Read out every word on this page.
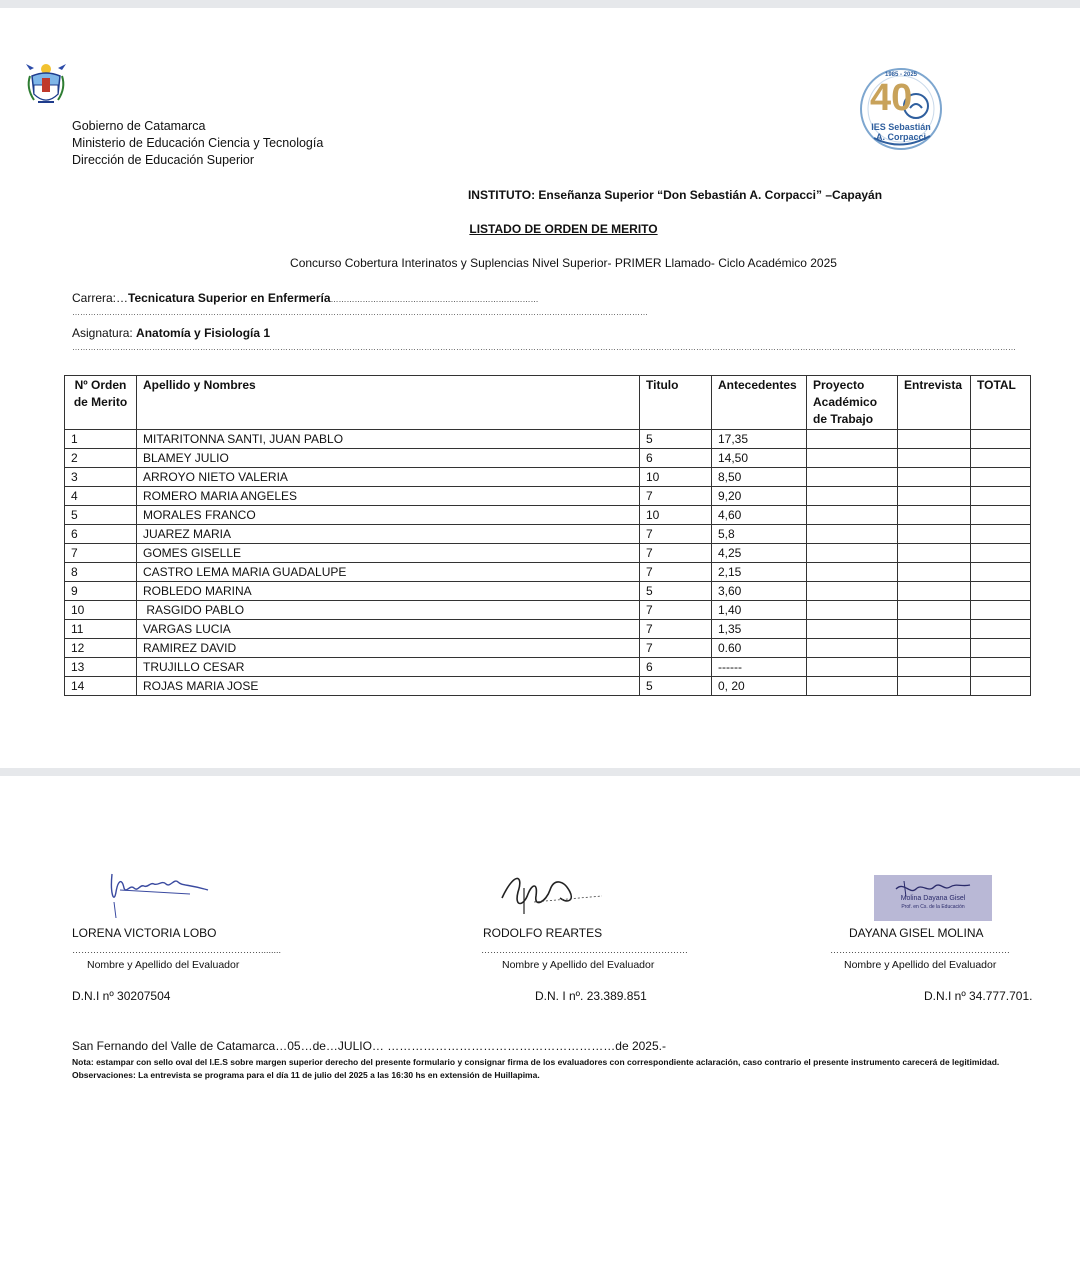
Gobierno de Catamarca
Ministerio de Educación Ciencia y Tecnología
Dirección de Educación Superior
1985 - 2025
40
IES Sebastián
A. Corpacci
INSTITUTO: Enseñanza Superior “Don Sebastián A. Corpacci” –Capayán
LISTADO DE ORDEN DE MERITO
Concurso Cobertura Interinatos y Suplencias Nivel Superior- PRIMER Llamado- Ciclo Académico 2025
Carrera:…Tecnicatura Superior en Enfermería……………………………………………………………………
………………………………………………………………………………………………………………………………………………………………………………………………
Asignatura: Anatomía y Fisiología 1
…………………………………………………………………………………………………………………………………………………………………………………………………………………………………………………………………………………………………………………………
Nº Orden de Merito	Apellido y Nombres	Titulo	Antecedentes	Proyecto Académico de Trabajo	Entrevista	TOTAL
1	MITARITONNA SANTI, JUAN PABLO	5	17,35			
2	BLAMEY JULIO	6	14,50			
3	ARROYO NIETO VALERIA	10	8,50			
4	ROMERO MARIA ANGELES	7	9,20			
5	MORALES FRANCO	10	4,60			
6	JUAREZ MARIA	7	5,8			
7	GOMES GISELLE	7	4,25			
8	CASTRO LEMA MARIA GUADALUPE	7	2,15			
9	ROBLEDO MARINA	5	3,60			
10	RASGIDO PABLO	7	1,40			
11	VARGAS LUCIA	7	1,35			
12	RAMIREZ DAVID	7	0.60			
13	TRUJILLO CESAR	6	------			
14	ROJAS MARIA JOSE	5	0, 20			
Molina Dayana Gisel
Prof. en Cs. de la Educación
LORENA VICTORIA LOBO
………………………………………………………........
Nombre y Apellido del Evaluador
D.N.I nº 30207504
RODOLFO REARTES
……………………………………………………………
Nombre y Apellido del Evaluador
D.N. I nº. 23.389.851
DAYANA GISEL MOLINA
……………………………………………………
Nombre y Apellido del Evaluador
D.N.I nº 34.777.701.
San Fernando del Valle de Catamarca…05…de…JULIO… …………………………………………………de 2025.-
Nota: estampar con sello oval del I.E.S sobre margen superior derecho del presente formulario y consignar firma de los evaluadores con correspondiente aclaración, caso contrario el presente instrumento carecerá de legitimidad.
Observaciones: La entrevista se programa para el día 11 de julio del 2025 a las 16:30 hs en extensión de Huillapima.
